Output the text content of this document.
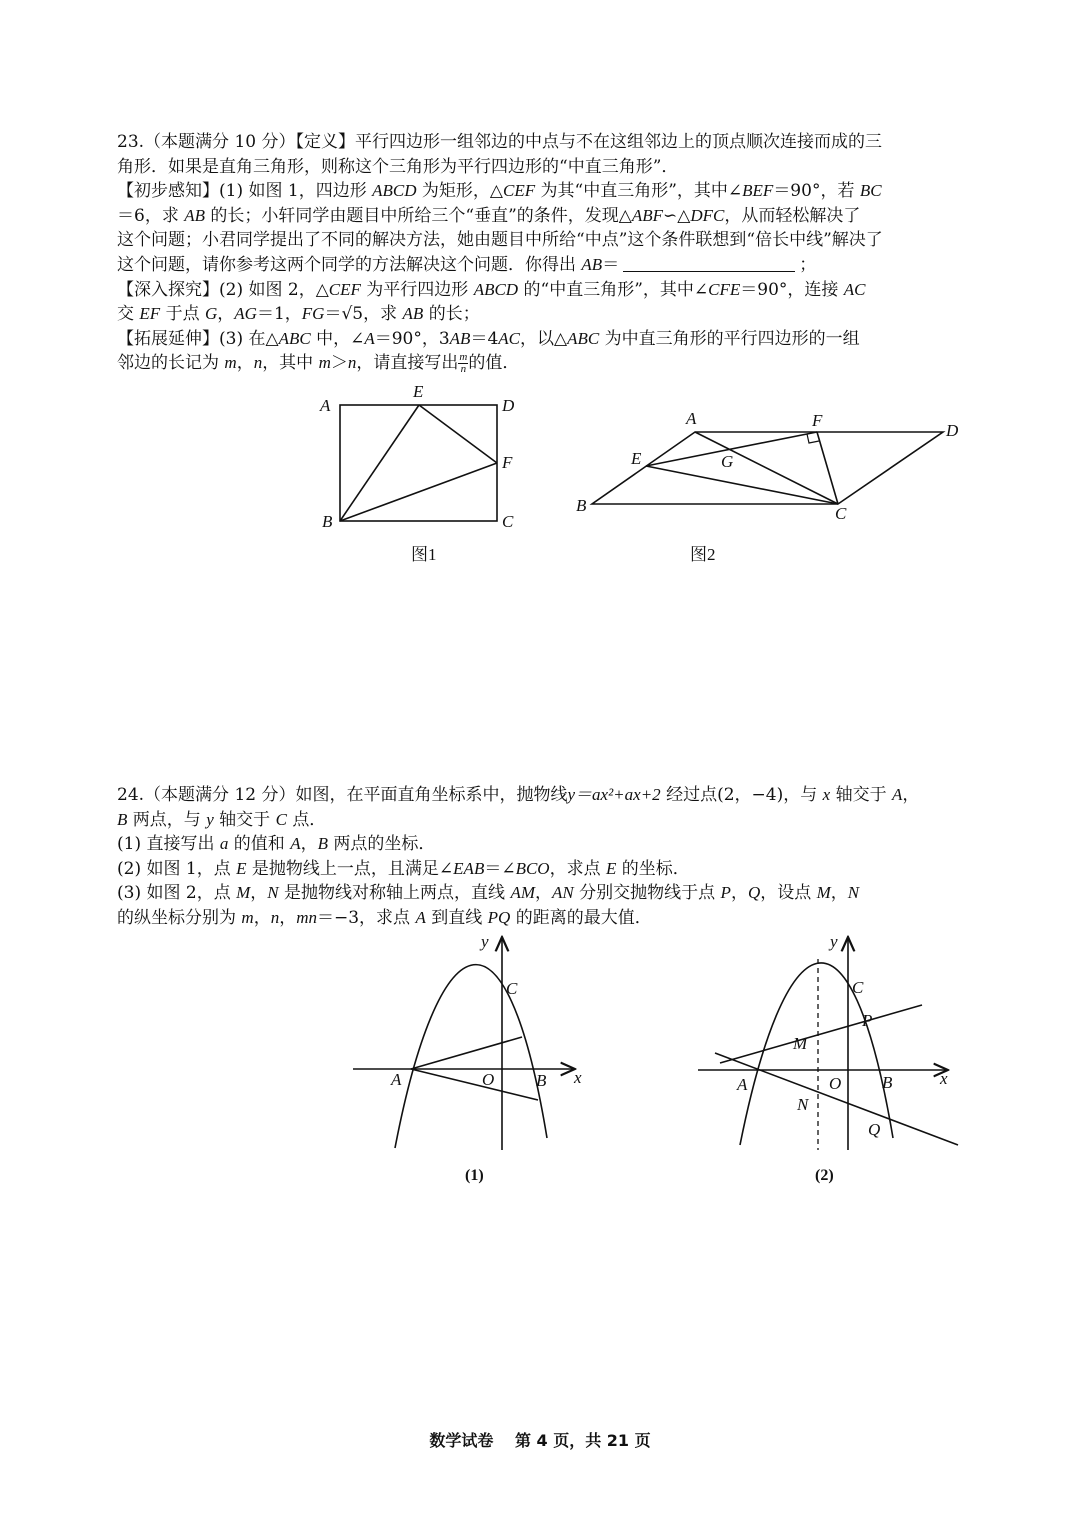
23.（本题满分 10 分）【定义】平行四边形一组邻边的中点与不在这组邻边上的顶点顺次连接而成的三
角形．如果是直角三角形，则称这个三角形为平行四边形的“中直三角形”．
【初步感知】(1) 如图 1，四边形 ABCD 为矩形，△CEF 为其“中直三角形”，其中∠BEF＝90°，若 BC
＝6，求 AB 的长；小轩同学由题目中所给三个“垂直”的条件，发现△ABF∽△DFC，从而轻松解决了
这个问题；小君同学提出了不同的解决方法，她由题目中所给“中点”这个条件联想到“倍长中线”解决了
这个问题，请你参考这两个同学的方法解决这个问题．你得出 AB＝	；
【深入探究】(2) 如图 2，△CEF 为平行四边形 ABCD 的“中直三角形”，其中∠CFE＝90°，连接 AC
交 EF 于点 G，AG＝1，FG＝√5，求 AB 的长；
【拓展延伸】(3) 在△ABC 中，∠A＝90°，3AB＝4AC，以△ABC 为中直三角形的平行四边形的一组
邻边的长记为 m，n，其中 m＞n，请直接写出 $\frac{m}{n}$ 的值．
A
E
D
F
B	C
图1
A	F
D
E	G
B	C
图2
24.（本题满分 12 分）如图，在平面直角坐标系中，抛物线y＝ax²+ax+2 经过点(2，−4)，与 x 轴交于 A，
B 两点，与 y 轴交于 C 点．
(1) 直接写出 a 的值和 A，B 两点的坐标．
(2) 如图 1，点 E 是抛物线上一点，且满足∠EAB＝∠BCO，求点 E 的坐标．
(3) 如图 2，点 M，N 是抛物线对称轴上两点，直线 AM，AN 分别交抛物线于点 P，Q，设点 M，N
的纵坐标分别为 m，n，mn＝−3，求点 A 到直线 PQ 的距离的最大值．
y
C
A	O B x
(1)
y
C
P
M
A	O B	x
N
Q
(2)
数学试卷 第 4 页，共 21 页
